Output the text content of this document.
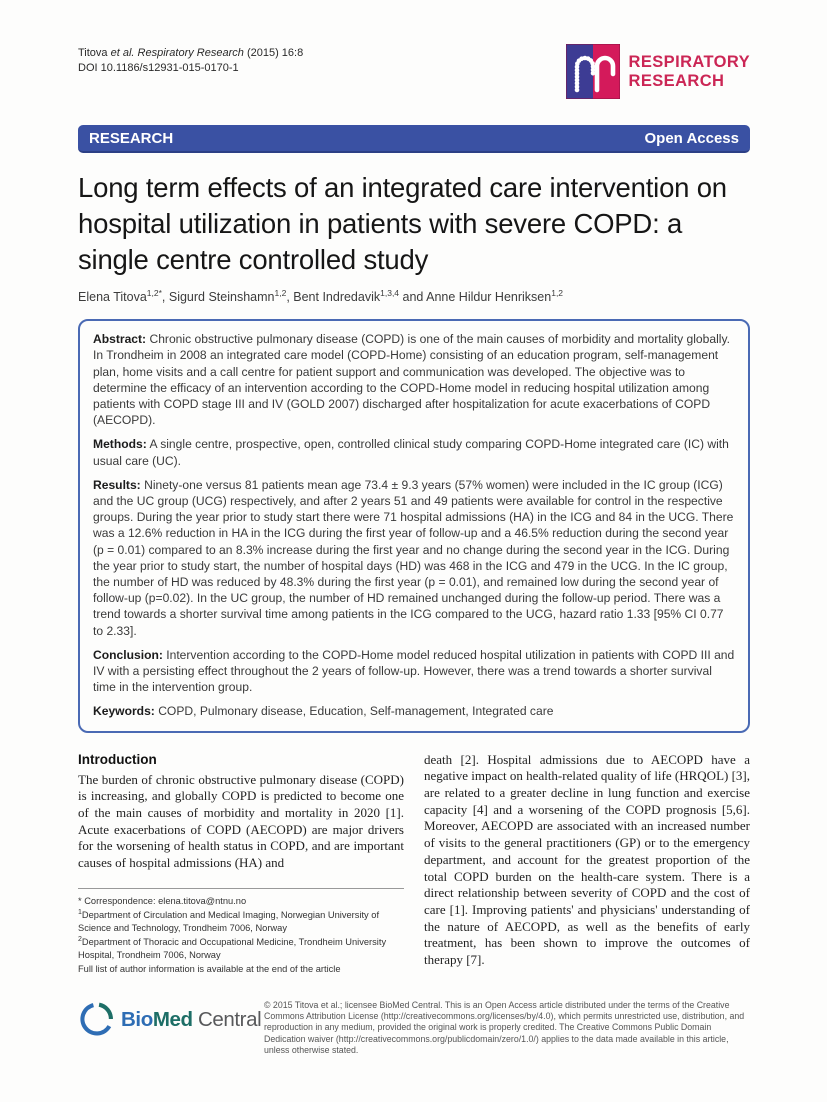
Titova et al. Respiratory Research (2015) 16:8
DOI 10.1186/s12931-015-0170-1	RESPIRATORY
RESEARCH
RESEARCH	Open Access
Long term effects of an integrated care intervention on hospital utilization in patients with severe COPD: a single centre controlled study
Elena Titova$^{1,2*}$, Sigurd Steinshamn$^{1,2}$, Bent Indredavik$^{1,3,4}$ and Anne Hildur Henriksen$^{1,2}$

Abstract: Chronic obstructive pulmonary disease (COPD) is one of the main causes of morbidity and mortality globally. In Trondheim in 2008 an integrated care model (COPD-Home) consisting of an education program, self-management plan, home visits and a call centre for patient support and communication was developed. The objective was to determine the efficacy of an intervention according to the COPD-Home model in reducing hospital utilization among patients with COPD stage III and IV (GOLD 2007) discharged after hospitalization for acute exacerbations of COPD (AECOPD).

Methods: A single centre, prospective, open, controlled clinical study comparing COPD-Home integrated care (IC) with usual care (UC).

Results: Ninety-one versus 81 patients mean age 73.4 ± 9.3 years (57% women) were included in the IC group (ICG) and the UC group (UCG) respectively, and after 2 years 51 and 49 patients were available for control in the respective groups. During the year prior to study start there were 71 hospital admissions (HA) in the ICG and 84 in the UCG. There was a 12.6% reduction in HA in the ICG during the first year of follow-up and a 46.5% reduction during the second year (p = 0.01) compared to an 8.3% increase during the first year and no change during the second year in the ICG. During the year prior to study start, the number of hospital days (HD) was 468 in the ICG and 479 in the UCG. In the IC group, the number of HD was reduced by 48.3% during the first year (p = 0.01), and remained low during the second year of follow-up (p=0.02). In the UC group, the number of HD remained unchanged during the follow-up period. There was a trend towards a shorter survival time among patients in the ICG compared to the UCG, hazard ratio 1.33 [95% CI 0.77 to 2.33].

Conclusion: Intervention according to the COPD-Home model reduced hospital utilization in patients with COPD III and IV with a persisting effect throughout the 2 years of follow-up. However, there was a trend towards a shorter survival time in the intervention group.

Keywords: COPD, Pulmonary disease, Education, Self-management, Integrated care

Introduction

The burden of chronic obstructive pulmonary disease (COPD) is increasing, and globally COPD is predicted to become one of the main causes of morbidity and mortality in 2020 [1]. Acute exacerbations of COPD (AECOPD) are major drivers for the worsening of health status in COPD, and are important causes of hospital admissions (HA) and

* Correspondence: elena.titova@ntnu.no
$^1$Department of Circulation and Medical Imaging, Norwegian University of Science and Technology, Trondheim 7006, Norway
$^2$Department of Thoracic and Occupational Medicine, Trondheim University Hospital, Trondheim 7006, Norway
Full list of author information is available at the end of the article

death [2]. Hospital admissions due to AECOPD have a negative impact on health-related quality of life (HRQOL) [3], are related to a greater decline in lung function and exercise capacity [4] and a worsening of the COPD prognosis [5,6]. Moreover, AECOPD are associated with an increased number of visits to the general practitioners (GP) or to the emergency department, and account for the greatest proportion of the total COPD burden on the health-care system. There is a direct relationship between severity of COPD and the cost of care [1]. Improving patients' and physicians' understanding of the nature of AECOPD, as well as the benefits of early treatment, has been shown to improve the outcomes of therapy [7].

BioMed Central

© 2015 Titova et al.; licensee BioMed Central. This is an Open Access article distributed under the terms of the Creative Commons Attribution License (http://creativecommons.org/licenses/by/4.0), which permits unrestricted use, distribution, and reproduction in any medium, provided the original work is properly credited. The Creative Commons Public Domain Dedication waiver (http://creativecommons.org/publicdomain/zero/1.0/) applies to the data made available in this article, unless otherwise stated.
